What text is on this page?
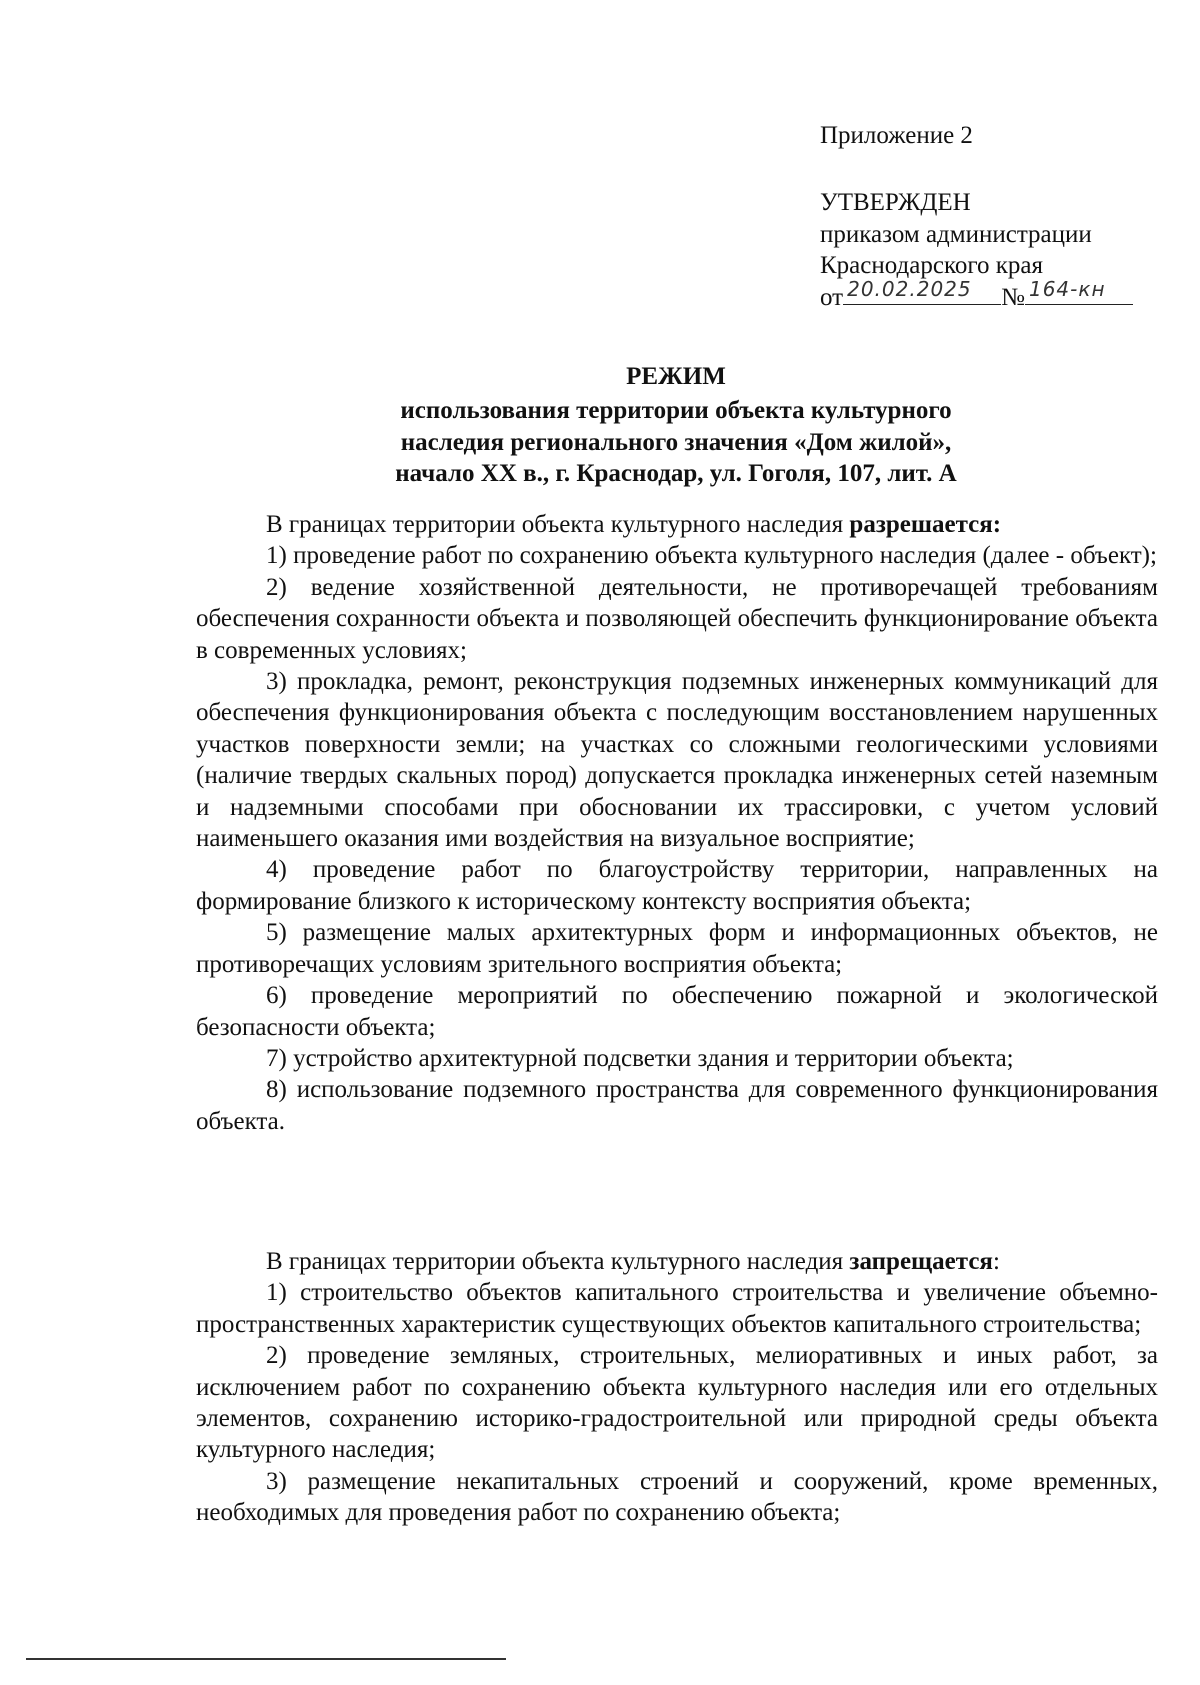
Приложение 2
УТВЕРЖДЕН
приказом администрации
Краснодарского края
от 20.02.2025 № 164-кн
РЕЖИМ
использования территории объекта культурного
наследия регионального значения «Дом жилой»,
начало XX в., г. Краснодар, ул. Гоголя, 107, лит. А

В границах территории объекта культурного наследия разрешается:

1) проведение работ по сохранению объекта культурного наследия (далее - объект);

2) ведение хозяйственной деятельности, не противоречащей требованиям обеспечения сохранности объекта и позволяющей обеспечить функционирование объекта в современных условиях;

3) прокладка, ремонт, реконструкция подземных инженерных коммуникаций для обеспечения функционирования объекта с последующим восстановлением нарушенных участков поверхности земли; на участках со сложными геологическими условиями (наличие твердых скальных пород) допускается прокладка инженерных сетей наземным и надземными способами при обосновании их трассировки, с учетом условий наименьшего оказания ими воздействия на визуальное восприятие;

4) проведение работ по благоустройству территории, направленных на формирование близкого к историческому контексту восприятия объекта;

5) размещение малых архитектурных форм и информационных объектов, не противоречащих условиям зрительного восприятия объекта;

6) проведение мероприятий по обеспечению пожарной и экологической безопасности объекта;

7) устройство архитектурной подсветки здания и территории объекта;

8) использование подземного пространства для современного функционирования объекта.

В границах территории объекта культурного наследия запрещается:

1) строительство объектов капитального строительства и увеличение объемно-пространственных характеристик существующих объектов капитального строительства;

2) проведение земляных, строительных, мелиоративных и иных работ, за исключением работ по сохранению объекта культурного наследия или его отдельных элементов, сохранению историко-градостроительной или природной среды объекта культурного наследия;

3) размещение некапитальных строений и сооружений, кроме временных, необходимых для проведения работ по сохранению объекта;
